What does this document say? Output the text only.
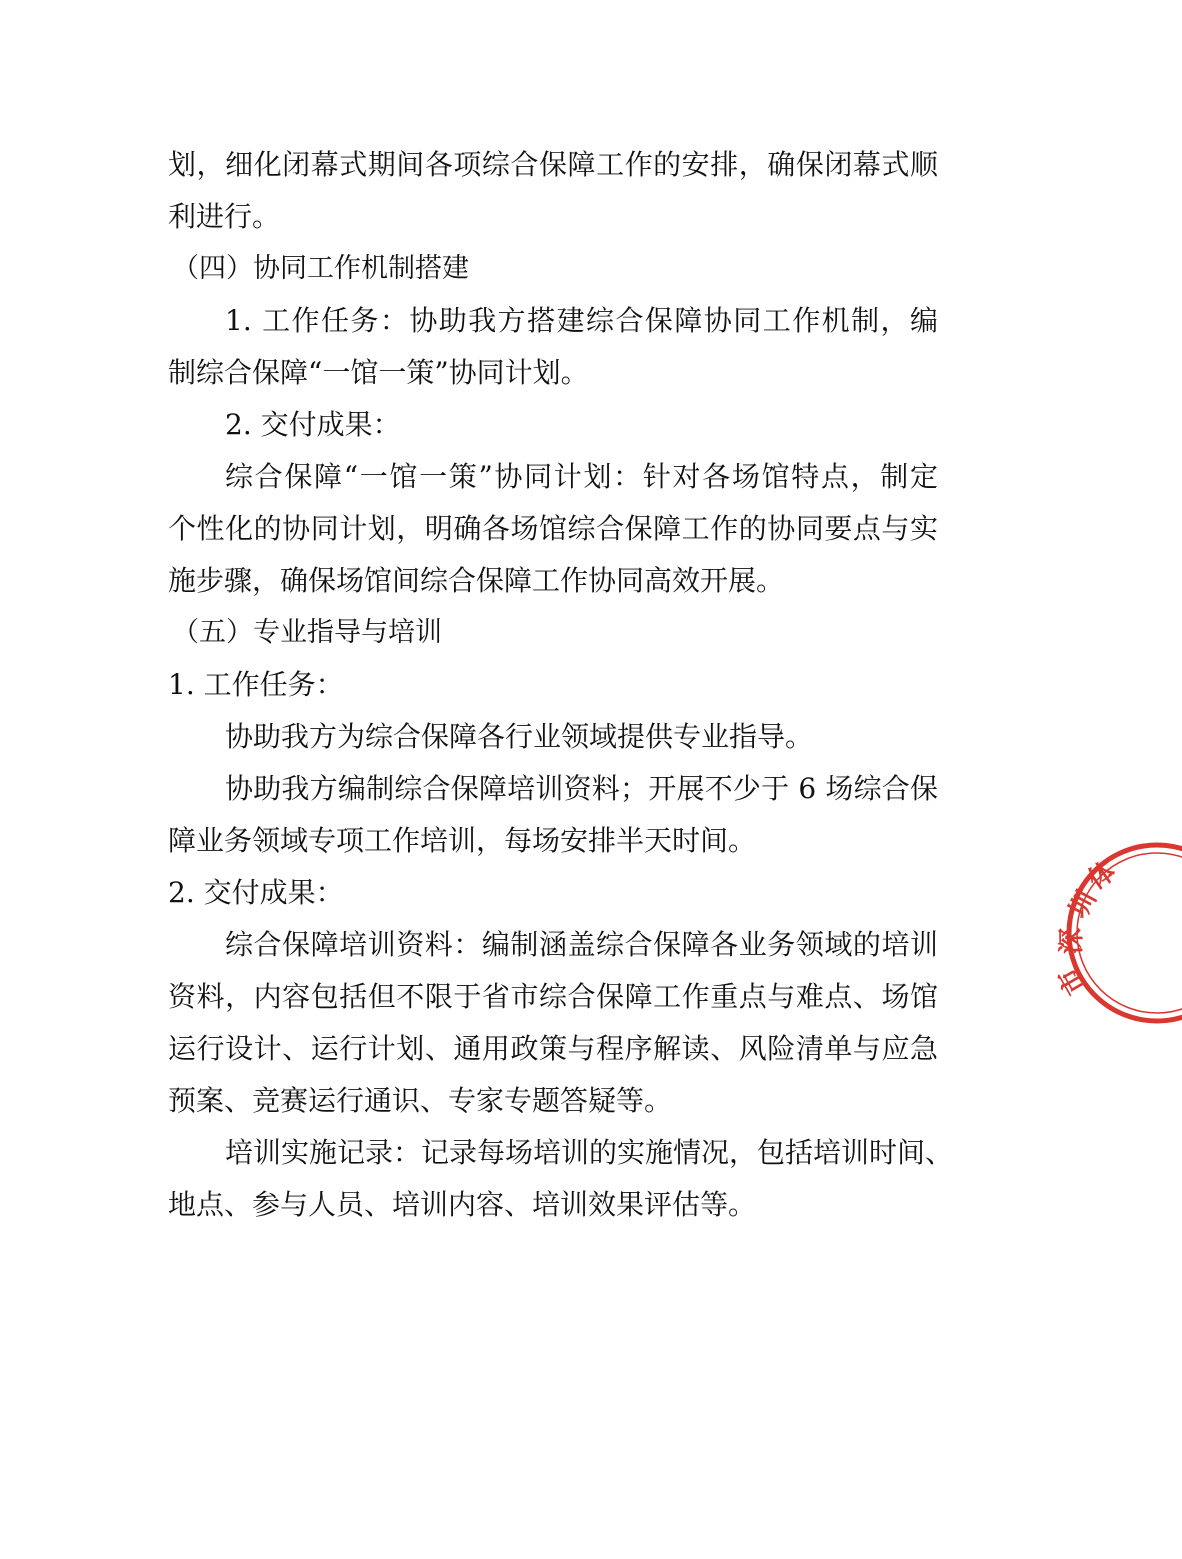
划，细化闭幕式期间各项综合保障工作的安排，确保闭幕式顺
利进行。
（四）协同工作机制搭建
1. 工作任务：协助我方搭建综合保障协同工作机制，编
制综合保障“一馆一策”协同计划。
2. 交付成果：
综合保障“一馆一策”协同计划：针对各场馆特点，制定
个性化的协同计划，明确各场馆综合保障工作的协同要点与实
施步骤，确保场馆间综合保障工作协同高效开展。
（五）专业指导与培训
1. 工作任务：
协助我方为综合保障各行业领域提供专业指导。
协助我方编制综合保障培训资料；开展不少于 6 场综合保
障业务领域专项工作培训，每场安排半天时间。
2. 交付成果：
综合保障培训资料：编制涵盖综合保障各业务领域的培训
资料，内容包括但不限于省市综合保障工作重点与难点、场馆
运行设计、运行计划、通用政策与程序解读、风险清单与应急
预案、竞赛运行通识、专家专题答疑等。
培训实施记录：记录每场培训的实施情况，包括培训时间、
地点、参与人员、培训内容、培训效果评估等。
体
圳
深
市
